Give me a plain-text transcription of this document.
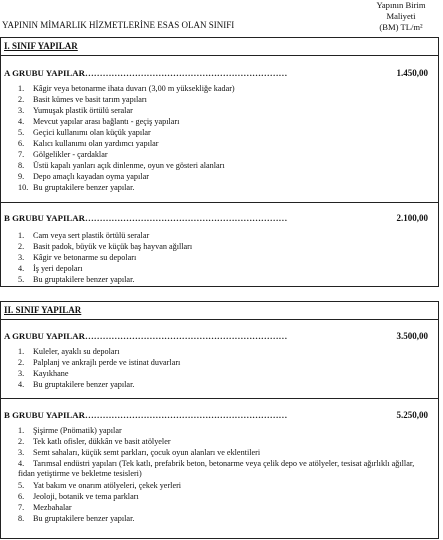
YAPININ MİMARLIK HİZMETLERİNE ESAS OLAN SINIFI
Yapının Birim
Maliyeti
(BM) TL/m²
I. SINIF YAPILAR
A GRUBU YAPILAR……………………………………………………………	1.450,00
1. Kâgir veya betonarme ihata duvarı (3,00 m yüksekliğe kadar)
2. Basit kümes ve basit tarım yapıları
3. Yumuşak plastik örtülü seralar
4. Mevcut yapılar arası bağlantı - geçiş yapıları
5. Geçici kullanımı olan küçük yapılar
6. Kalıcı kullanımı olan yardımcı yapılar
7. Gölgelikler - çardaklar
8. Üstü kapalı yanları açık dinlenme, oyun ve gösteri alanları
9. Depo amaçlı kayadan oyma yapılar
10. Bu gruptakilere benzer yapılar.
B GRUBU YAPILAR……………………………………………………………	2.100,00
1. Cam veya sert plastik örtülü seralar
2. Basit padok, büyük ve küçük baş hayvan ağılları
3. Kâgir ve betonarme su depoları
4. İş yeri depoları
5. Bu gruptakilere benzer yapılar.
II. SINIF YAPILAR
A GRUBU YAPILAR……………………………………………………………	3.500,00
1. Kuleler, ayaklı su depoları
2. Palplanj ve ankrajlı perde ve istinat duvarları
3. Kayıkhane
4. Bu gruptakilere benzer yapılar.
B GRUBU YAPILAR……………………………………………………………	5.250,00
1. Şişirme (Pnömatik) yapılar
2. Tek katlı ofisler, dükkân ve basit atölyeler
3. Semt sahaları, küçük semt parkları, çocuk oyun alanları ve eklentileri
4. Tarımsal endüstri yapıları (Tek katlı, prefabrik beton, betonarme veya çelik depo ve atölyeler, tesisat ağırlıklı ağıllar, fidan yetiştirme ve bekletme tesisleri)
5. Yat bakım ve onarım atölyeleri, çekek yerleri
6. Jeoloji, botanik ve tema parkları
7. Mezbahalar
8. Bu gruptakilere benzer yapılar.
